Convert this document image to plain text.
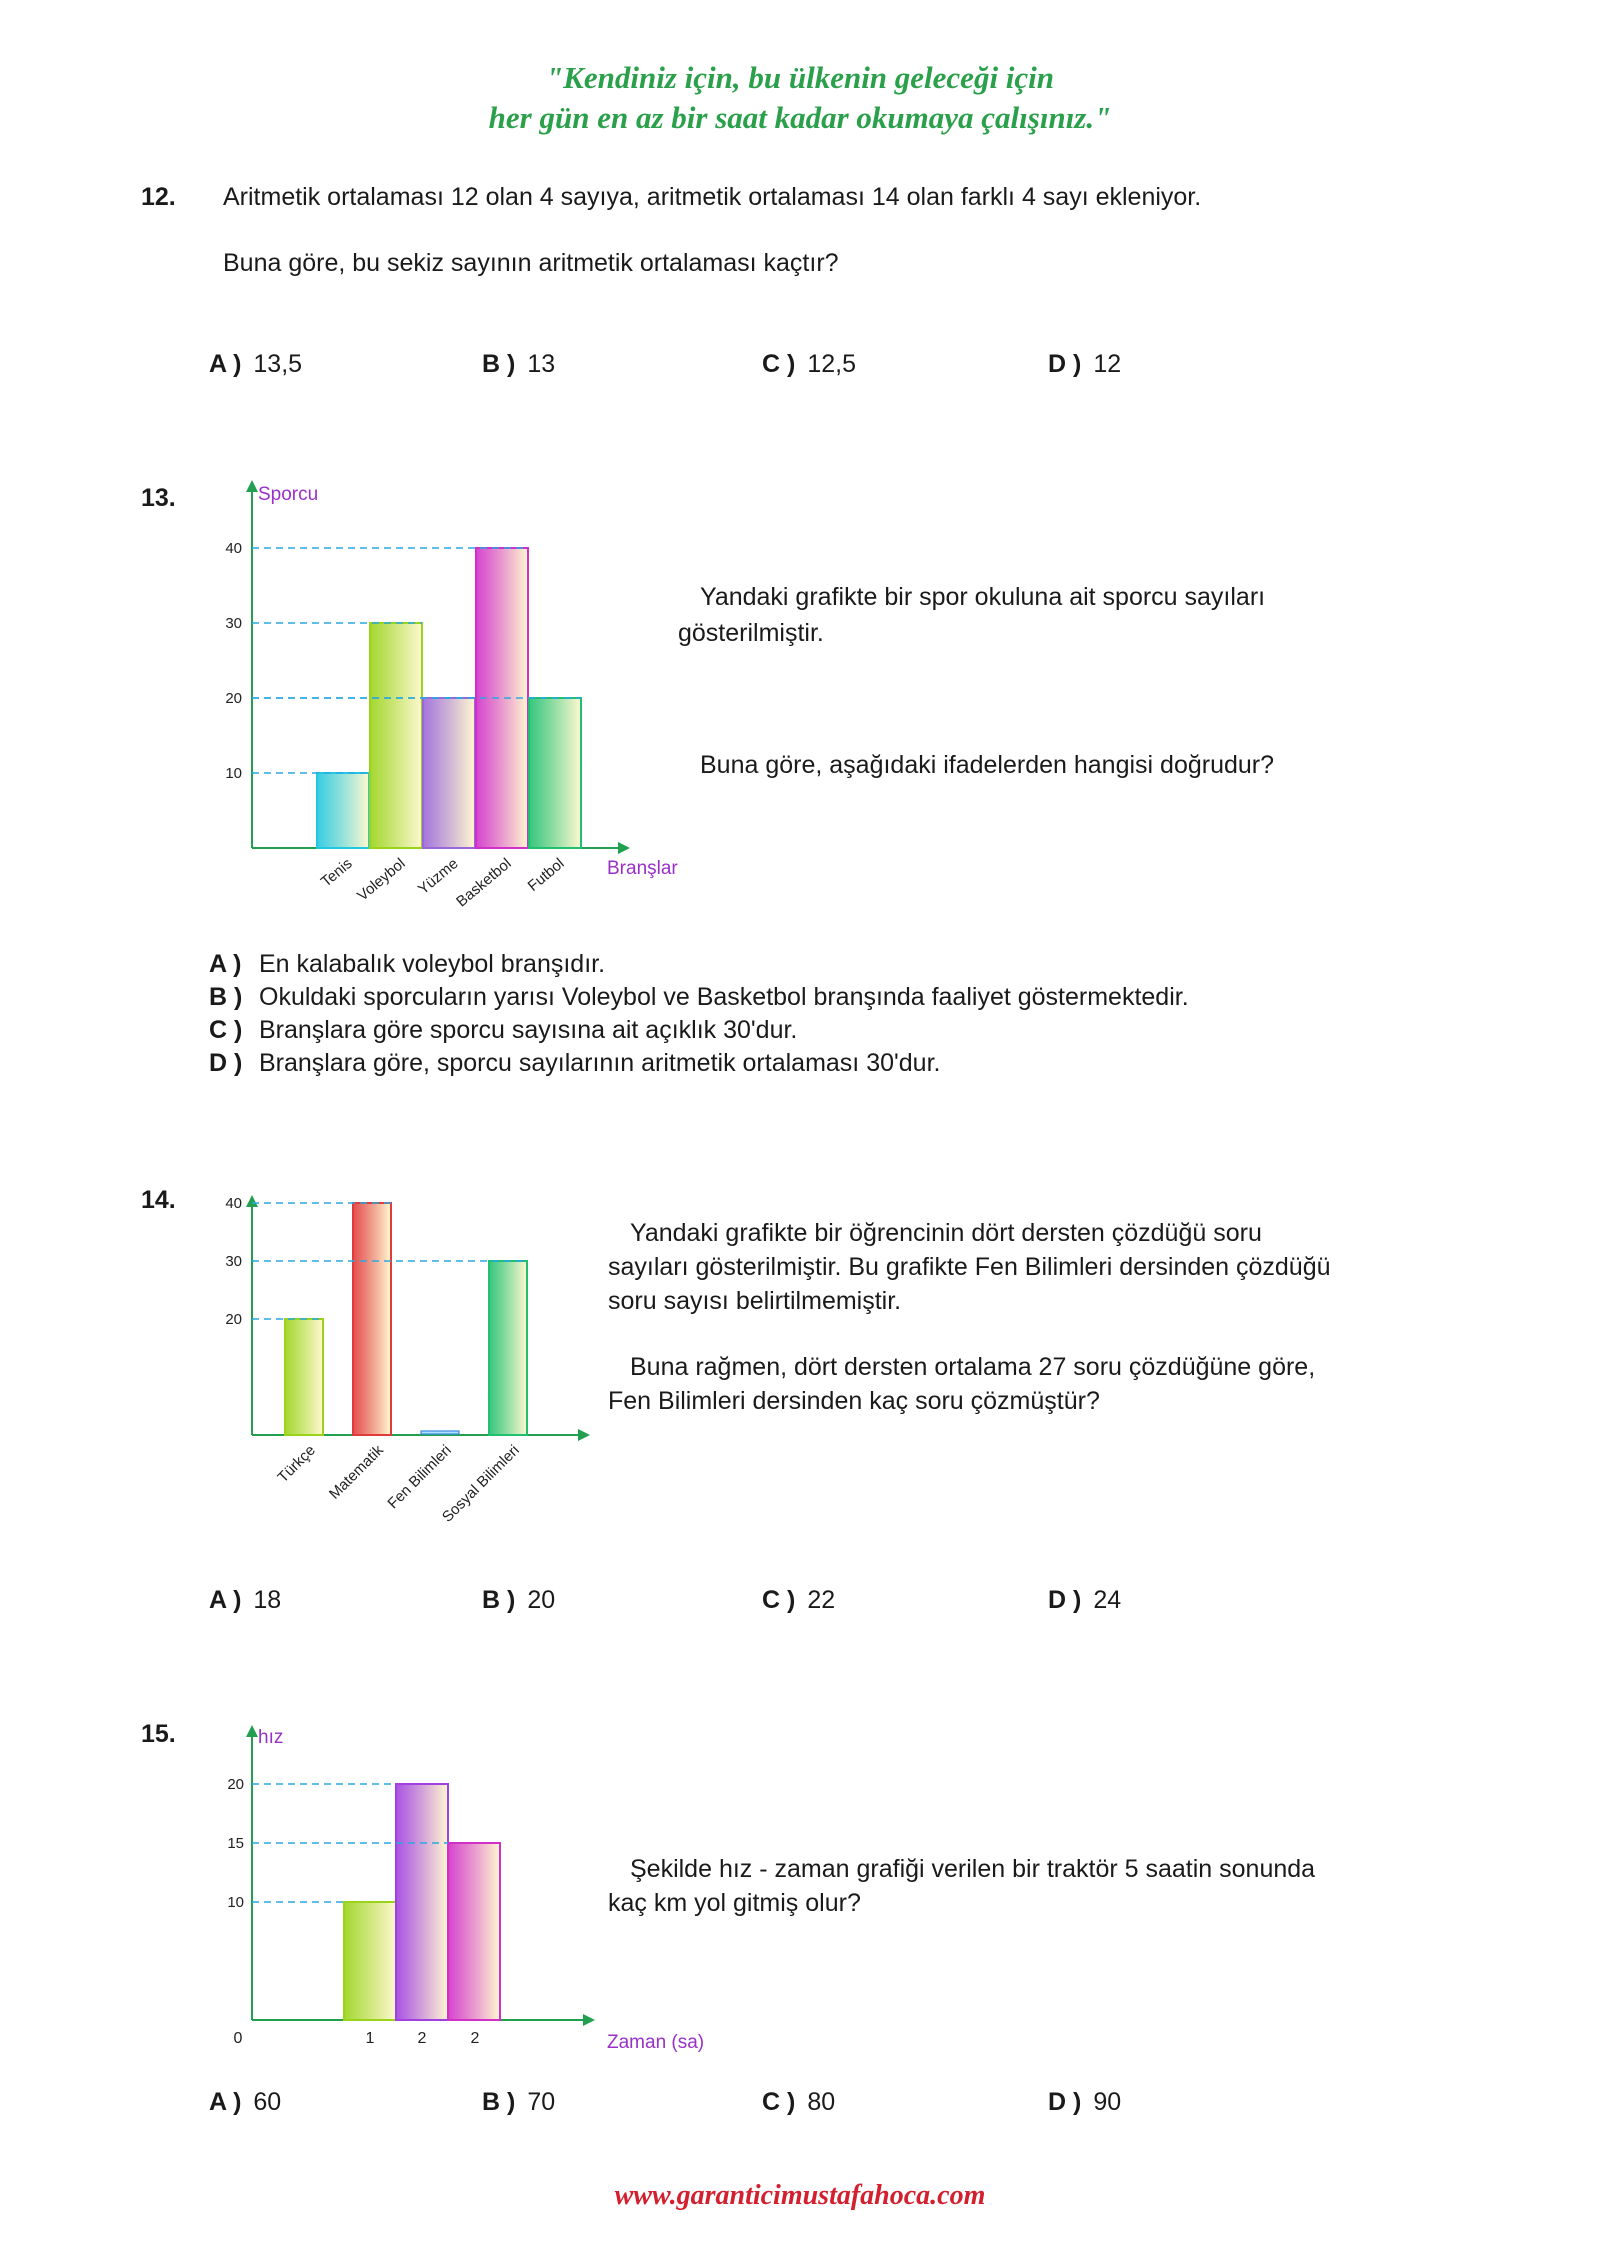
"Kendiniz için, bu ülkenin geleceği için
her gün en az bir saat kadar okumaya çalışınız."
12. Aritmetik ortalaması 12 olan 4 sayıya, aritmetik ortalaması 14 olan farklı 4 sayı ekleniyor.
Buna göre, bu sekiz sayının aritmetik ortalaması kaçtır?
A ) 13,5	B ) 13	C ) 12,5	D ) 12
13.
10
20
30
40
Sporcu
Branşlar
Tenis
Voleybol Yüzme
Basketbol Futbol
Yandaki grafikte bir spor okuluna ait sporcu sayıları
gösterilmiştir.
Buna göre, aşağıdaki ifadelerden hangisi doğrudur?
A ) En kalabalık voleybol branşıdır.
B ) Okuldaki sporcuların yarısı Voleybol ve Basketbol branşında faaliyet göstermektedir.
C ) Branşlara göre sporcu sayısına ait açıklık 30'dur.
D ) Branşlara göre, sporcu sayılarının aritmetik ortalaması 30'dur.
14.
20
30
40
Türkçe Matematik
Fen Bilimleri
Sosyal Bilimleri
Yandaki grafikte bir öğrencinin dört dersten çözdüğü soru
sayıları gösterilmiştir. Bu grafikte Fen Bilimleri dersinden çözdüğü
soru sayısı belirtilmemiştir.
Buna rağmen, dört dersten ortalama 27 soru çözdüğüne göre,
Fen Bilimleri dersinden kaç soru çözmüştür?
A ) 18	B ) 20	C ) 22	D ) 24
15.
10
15
20
hız
Zaman (sa)
0	1	2	2
Şekilde hız - zaman grafiği verilen bir traktör 5 saatin sonunda
kaç km yol gitmiş olur?
A ) 60	B ) 70	C ) 80	D ) 90
www.garanticimustafahoca.com
